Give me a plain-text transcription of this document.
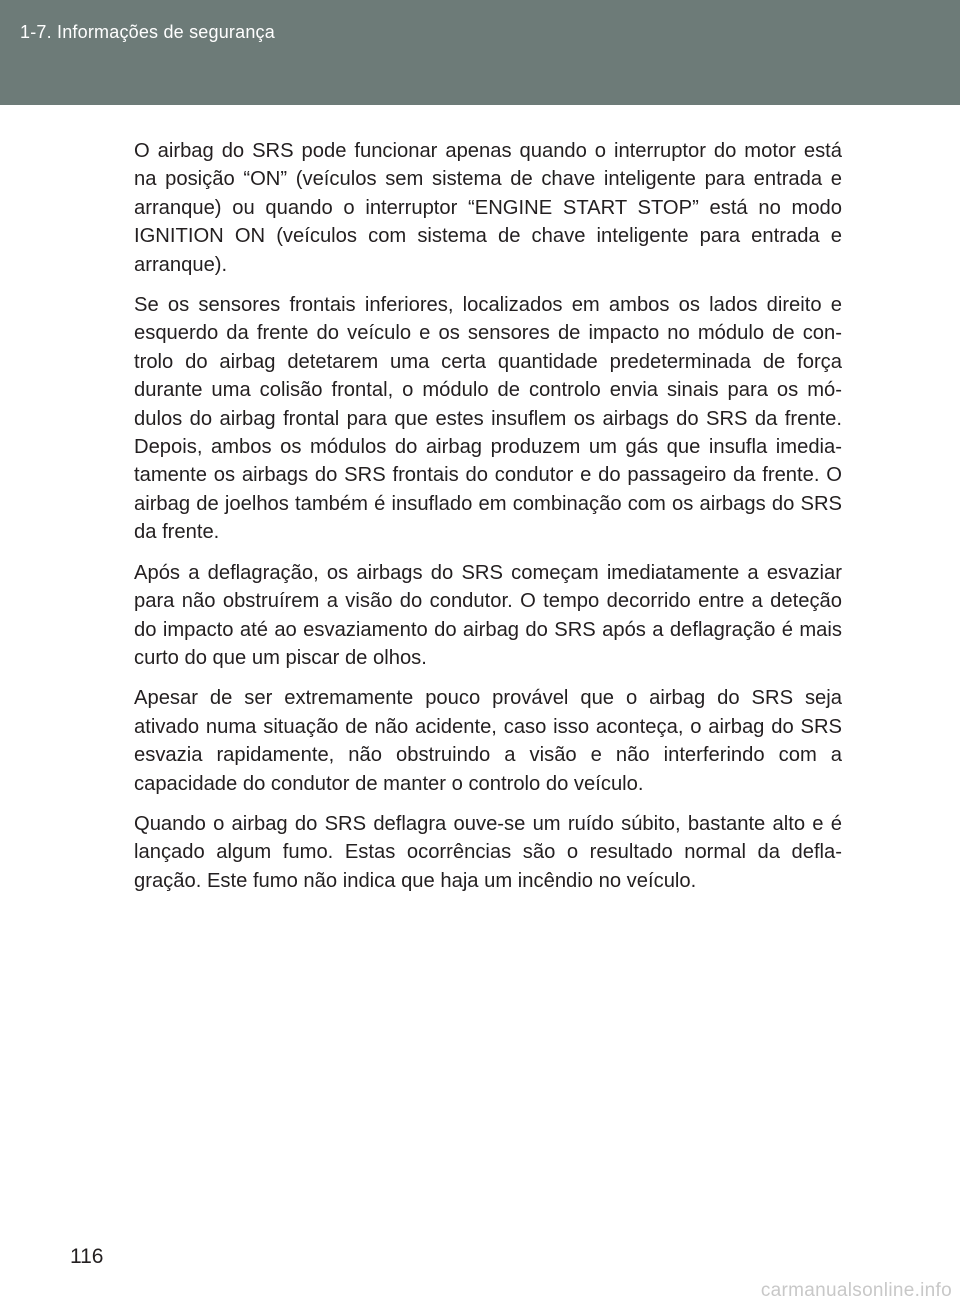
1-7. Informações de segurança

O airbag do SRS pode funcionar apenas quando o interruptor do motor está na posição “ON” (veículos sem sistema de chave inteligente para entrada e arranque) ou quando o interruptor “ENGINE START STOP” está no modo IGNITION ON (veículos com sistema de chave inteligente para entrada e arranque).

Se os sensores frontais inferiores, localizados em ambos os lados direito e esquerdo da frente do veículo e os sensores de impacto no módulo de controlo do airbag detetarem uma certa quantidade predeterminada de força durante uma colisão frontal, o módulo de controlo envia sinais para os módulos do airbag frontal para que estes insuflem os airbags do SRS da frente. Depois, ambos os módulos do airbag produzem um gás que insufla imediatamente os airbags do SRS frontais do condutor e do passageiro da frente. O airbag de joelhos também é insuflado em combinação com os airbags do SRS da frente.

Após a deflagração, os airbags do SRS começam imediatamente a esvaziar para não obstruírem a visão do condutor. O tempo decorrido entre a deteção do impacto até ao esvaziamento do airbag do SRS após a deflagração é mais curto do que um piscar de olhos.

Apesar de ser extremamente pouco provável que o airbag do SRS seja ativado numa situação de não acidente, caso isso aconteça, o airbag do SRS esvazia rapidamente, não obstruindo a visão e não interferindo com a capacidade do condutor de manter o controlo do veículo.

Quando o airbag do SRS deflagra ouve-se um ruído súbito, bastante alto e é lançado algum fumo. Estas ocorrências são o resultado normal da deflagração. Este fumo não indica que haja um incêndio no veículo.

116
carmanualsonline.info
